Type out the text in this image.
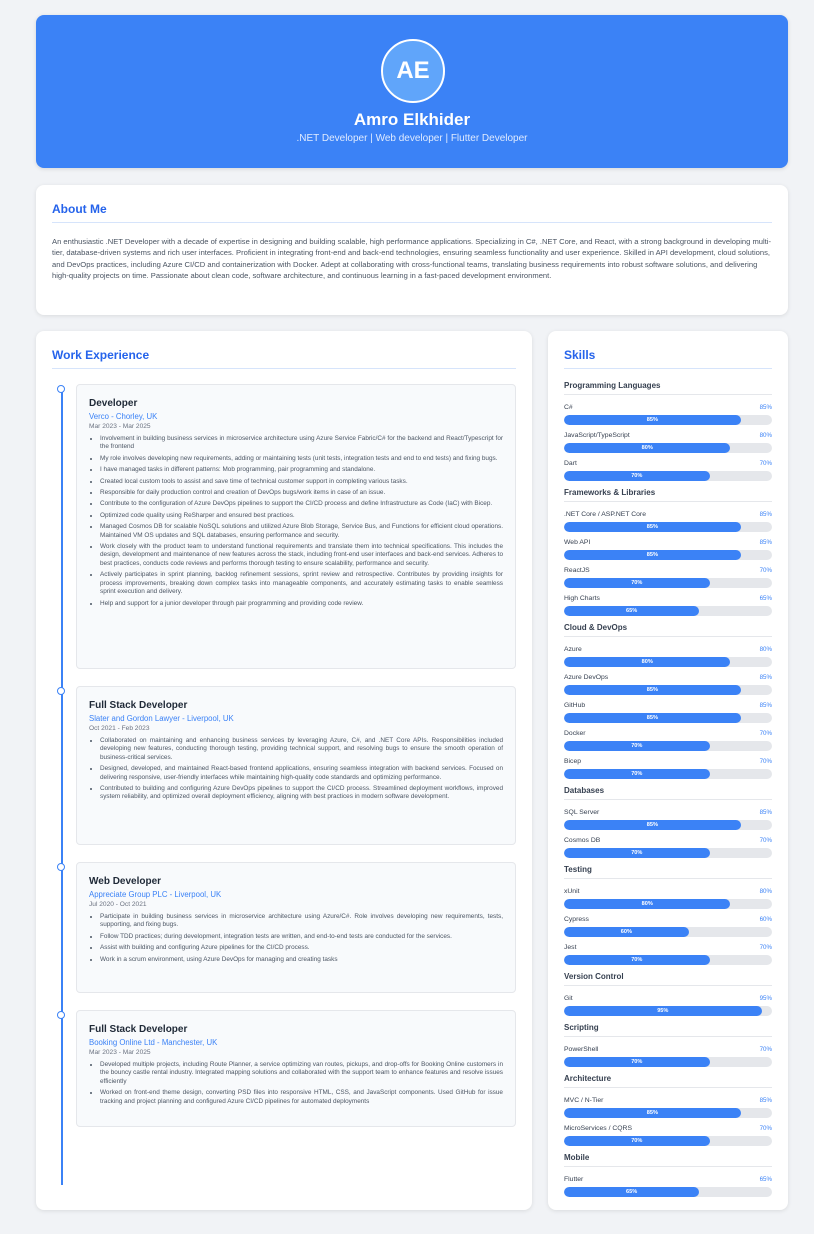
AE
Amro Elkhider
.NET Developer | Web developer | Flutter Developer
About Me
An enthusiastic .NET Developer with a decade of expertise in designing and building scalable, high performance applications. Specializing in C#, .NET Core, and React, with a strong background in developing multi-tier, database-driven systems and rich user interfaces. Proficient in integrating front-end and back-end technologies, ensuring seamless functionality and user experience. Skilled in API development, cloud solutions, and DevOps practices, including Azure CI/CD and containerization with Docker. Adept at collaborating with cross-functional teams, translating business requirements into robust software solutions, and delivering high-quality projects on time. Passionate about clean code, software architecture, and continuous learning in a fast-paced development environment.
Work Experience
Developer
Verco - Chorley, UK
Mar 2023 - Mar 2025
• Involvement in building business services in microservice architecture using Azure Service Fabric/C# for the backend and React/Typescript for the frontend
• My role involves developing new requirements, adding or maintaining tests (unit tests, integration tests and end to end tests) and fixing bugs.
• I have managed tasks in different patterns: Mob programming, pair programming and standalone.
• Created local custom tools to assist and save time of technical customer support in completing various tasks.
• Responsible for daily production control and creation of DevOps bugs/work items in case of an issue.
• Contribute to the configuration of Azure DevOps pipelines to support the CI/CD process and define Infrastructure as Code (IaC) with Bicep.
• Optimized code quality using ReSharper and ensured best practices.
• Managed Cosmos DB for scalable NoSQL solutions and utilized Azure Blob Storage, Service Bus, and Functions for efficient cloud operations. Maintained VM OS updates and SQL databases, ensuring performance and security.
• Work closely with the product team to understand functional requirements and translate them into technical specifications. This includes the design, development and maintenance of new features across the stack, including front-end user interfaces and back-end services. Adheres to best practices, conducts code reviews and performs thorough testing to ensure scalability, performance and security.
• Actively participates in sprint planning, backlog refinement sessions, sprint review and retrospective. Contributes by providing insights for process improvements, breaking down complex tasks into manageable components, and accurately estimating tasks to enable seamless sprint execution and delivery.
• Help and support for a junior developer through pair programming and providing code review.
Full Stack Developer
Slater and Gordon Lawyer - Liverpool, UK
Oct 2021 - Feb 2023
• Collaborated on maintaining and enhancing business services by leveraging Azure, C#, and .NET Core APIs. Responsibilities included developing new features, conducting thorough testing, providing technical support, and resolving bugs to ensure the smooth operation of business-critical services.
• Designed, developed, and maintained React-based frontend applications, ensuring seamless integration with backend services. Focused on delivering responsive, user-friendly interfaces while maintaining high-quality code standards and optimizing performance.
• Contributed to building and configuring Azure DevOps pipelines to support the CI/CD process. Streamlined deployment workflows, improved system reliability, and optimized overall deployment efficiency, aligning with best practices in modern software development.
Web Developer
Appreciate Group PLC - Liverpool, UK
Jul 2020 - Oct 2021
• Participate in building business services in microservice architecture using Azure/C#. Role involves developing new requirements, tests, supporting, and fixing bugs.
• Follow TDD practices; during development, integration tests are written, and end-to-end tests are conducted for the services.
• Assist with building and configuring Azure pipelines for the CI/CD process.
• Work in a scrum environment, using Azure DevOps for managing and creating tasks
Full Stack Developer
Booking Online Ltd - Manchester, UK
Mar 2023 - Mar 2025
• Developed multiple projects, including Route Planner, a service optimizing van routes, pickups, and drop-offs for Booking Online customers in the bouncy castle rental industry. Integrated mapping solutions and collaborated with the support team to enhance features and resolve issues efficiently
• Worked on front-end theme design, converting PSD files into responsive HTML, CSS, and JavaScript components. Used GitHub for issue tracking and project planning and configured Azure CI/CD pipelines for automated deployments
Skills
Programming Languages
C#	85%
85%
JavaScript/TypeScript	80%
80%
Dart	70%
70%
Frameworks & Libraries
.NET Core / ASP.NET Core	85%
85%
Web API	85%
85%
ReactJS	70%
70%
High Charts	65%
65%
Cloud & DevOps
Azure	80%
80%
Azure DevOps	85%
85%
GitHub	85%
85%
Docker	70%
70%
Bicep	70%
70%
Databases
SQL Server	85%
85%
Cosmos DB	70%
70%
Testing
xUnit	80%
80%
Cypress	60%
60%
Jest	70%
70%
Version Control
Git	95%
95%
Scripting
PowerShell	70%
70%
Architecture
MVC / N-Tier	85%
85%
MicroServices / CQRS	70%
70%
Mobile
Flutter	65%
65%
